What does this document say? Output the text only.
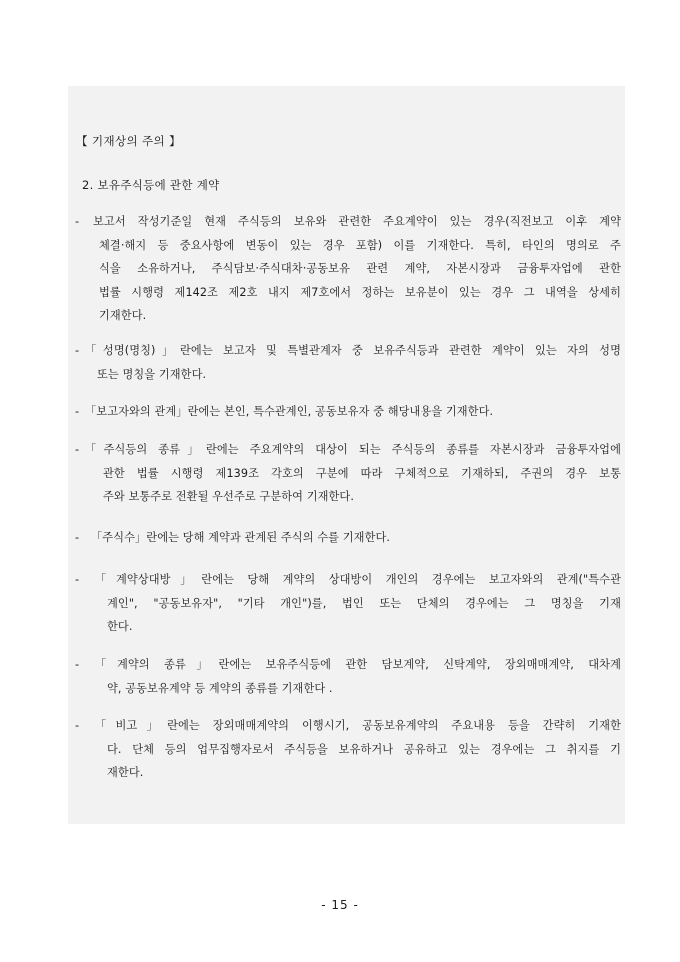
【 기재상의 주의 】
2. 보유주식등에 관한 계약
-	보고서 작성기준일 현재 주식등의 보유와 관련한 주요계약이 있는 경우(직전보고 이후 계약
체결·해지 등 중요사항에 변동이 있는 경우 포함) 이를 기재한다. 특히, 타인의 명의로 주
식을 소유하거나, 주식담보·주식대차·공동보유 관련 계약, 자본시장과 금융투자업에 관한
법률 시행령 제142조 제2호 내지 제7호에서 정하는 보유분이 있는 경우 그 내역을 상세히
기재한다.
- 「성명(명칭)」란에는 보고자 및 특별관계자 중 보유주식등과 관련한 계약이 있는 자의 성명
또는 명칭을 기재한다.
- 「보고자와의 관계」란에는 본인, 특수관계인, 공동보유자 중 해당내용을 기재한다.
- 「주식등의 종류」란에는 주요계약의 대상이 되는 주식등의 종류를 자본시장과 금융투자업에
관한 법률 시행령 제139조 각호의 구분에 따라 구체적으로 기재하되, 주권의 경우 보통
주와 보통주로 전환될 우선주로 구분하여 기재한다.
-	「주식수」란에는 당해 계약과 관계된 주식의 수를 기재한다.
-	「계약상대방」란에는 당해 계약의 상대방이 개인의 경우에는 보고자와의 관계("특수관
계인", "공동보유자", "기타 개인")를, 법인 또는 단체의 경우에는 그 명칭을 기재
한다.
-	「계약의 종류」란에는 보유주식등에 관한 담보계약, 신탁계약, 장외매매계약, 대차계
약, 공동보유계약 등 계약의 종류를 기재한다 .
-	「비고」란에는 장외매매계약의 이행시기, 공동보유계약의 주요내용 등을 간략히 기재한
다. 단체 등의 업무집행자로서 주식등을 보유하거나 공유하고 있는 경우에는 그 취지를 기
재한다.
- 15 -
